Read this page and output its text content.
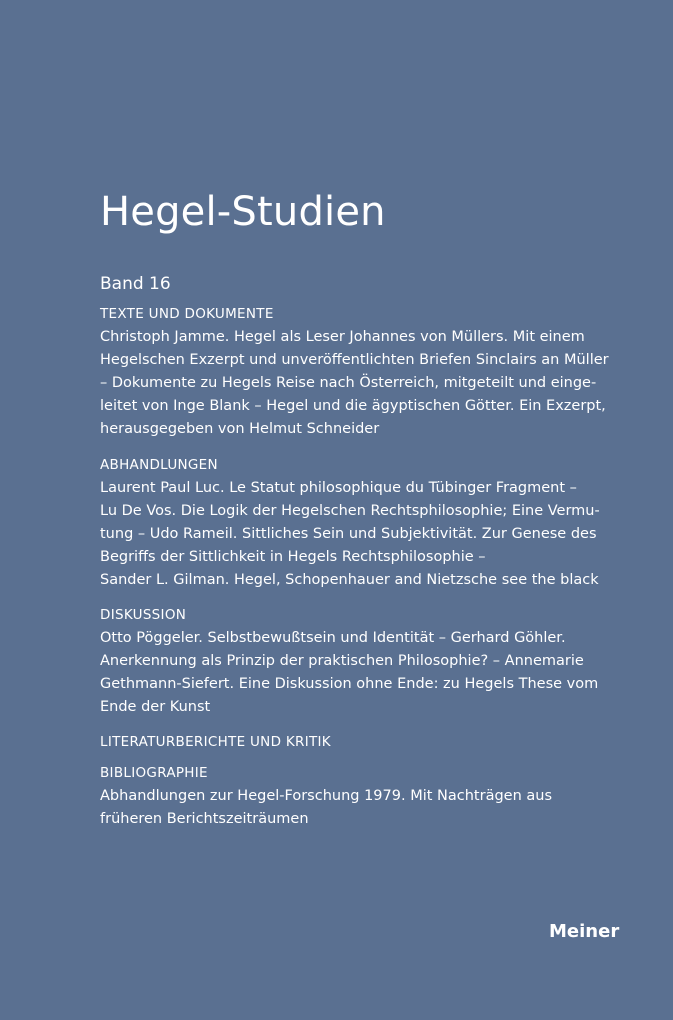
Hegel-Studien

Band 16

TEXTE UND DOKUMENTE

Christoph Jamme. Hegel als Leser Johannes von Müllers. Mit einem

Hegelschen Exzerpt und unveröffentlichten Briefen Sinclairs an Müller

– Dokumente zu Hegels Reise nach Österreich, mitgeteilt und einge-

leitet von Inge Blank – Hegel und die ägyptischen Götter. Ein Exzerpt,

herausgegeben von Helmut Schneider

ABHANDLUNGEN

Laurent Paul Luc. Le Statut philosophique du Tübinger Fragment –

Lu De Vos. Die Logik der Hegelschen Rechtsphilosophie; Eine Vermu-

tung – Udo Rameil. Sittliches Sein und Subjektivität. Zur Genese des

Begriffs der Sittlichkeit in Hegels Rechtsphilosophie –

Sander L. Gilman. Hegel, Schopenhauer and Nietzsche see the black

DISKUSSION

Otto Pöggeler. Selbstbewußtsein und Identität – Gerhard Göhler.

Anerkennung als Prinzip der praktischen Philosophie? – Annemarie

Gethmann-Siefert. Eine Diskussion ohne Ende: zu Hegels These vom

Ende der Kunst

LITERATURBERICHTE UND KRITIK

BIBLIOGRAPHIE

Abhandlungen zur Hegel-Forschung 1979. Mit Nachträgen aus

früheren Berichtszeiträumen

Meiner
